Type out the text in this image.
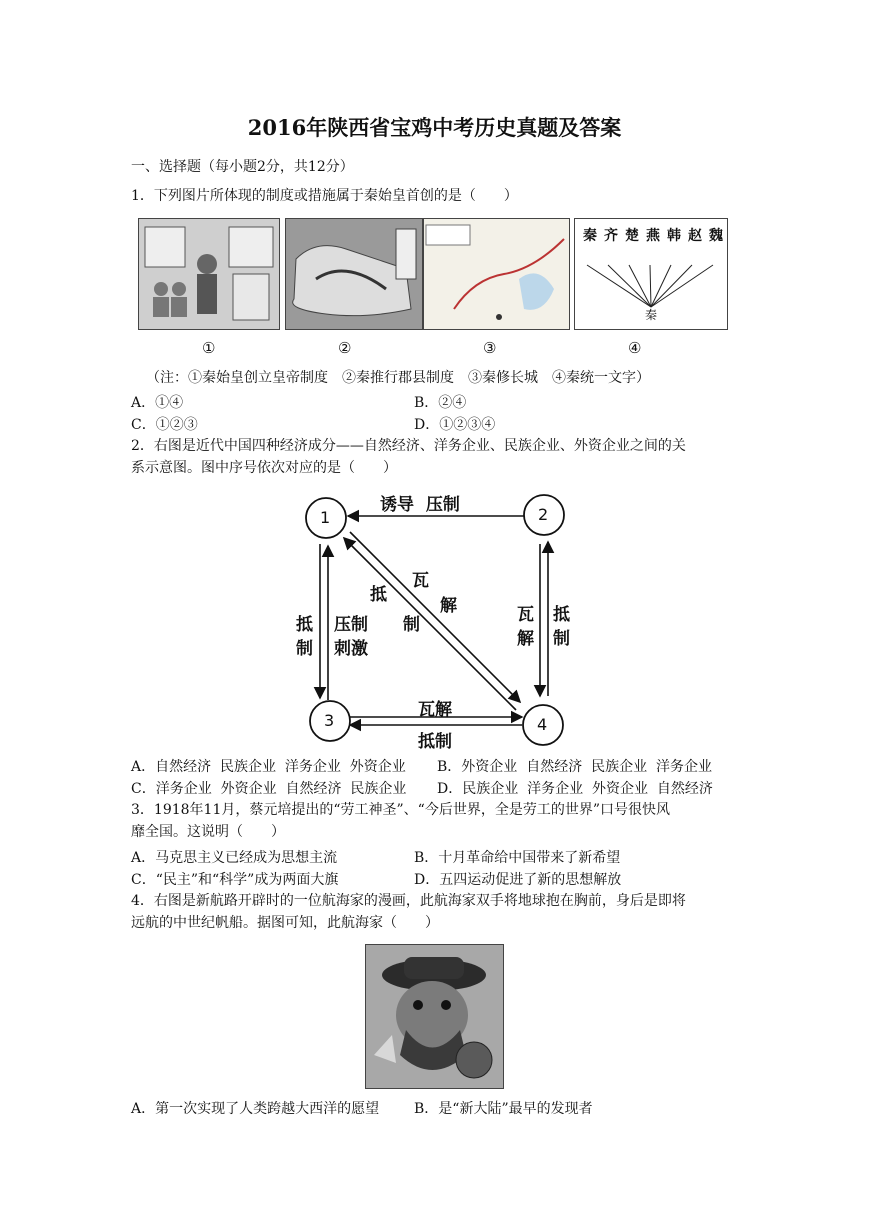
2016年陕西省宝鸡中考历史真题及答案
一、选择题（每小题2分，共12分）
1．下列图片所体现的制度或措施属于秦始皇首创的是（　　）
秦
秦 齐 楚 燕 韩 赵 魏
①	②	③	④
（注：①秦始皇创立皇帝制度　②秦推行郡县制度　③秦修长城　④秦统一文字）
A．①④	B．②④
C．①②③	D．①②③④
2．右图是近代中国四种经济成分——自然经济、洋务企业、民族企业、外资企业之间的关
系示意图。图中序号依次对应的是（　　）
1	2
3	4
诱导  压制
抵
制
压制
刺激
抵
制
瓦
解	瓦
解
抵
制
瓦解
抵制
A．自然经济  民族企业  洋务企业  外资企业 B．外资企业  自然经济  民族企业  洋务企业
C．洋务企业  外资企业  自然经济  民族企业 D．民族企业  洋务企业  外资企业  自然经济
3．1918年11月，蔡元培提出的“劳工神圣”、“今后世界，全是劳工的世界”口号很快风
靡全国。这说明（　　）
A．马克思主义已经成为思想主流	B．十月革命给中国带来了新希望
C．“民主”和“科学”成为两面大旗	D．五四运动促进了新的思想解放
4．右图是新航路开辟时的一位航海家的漫画，此航海家双手将地球抱在胸前，身后是即将
远航的中世纪帆船。据图可知，此航海家（　　）
A．第一次实现了人类跨越大西洋的愿望 B．是“新大陆”最早的发现者
